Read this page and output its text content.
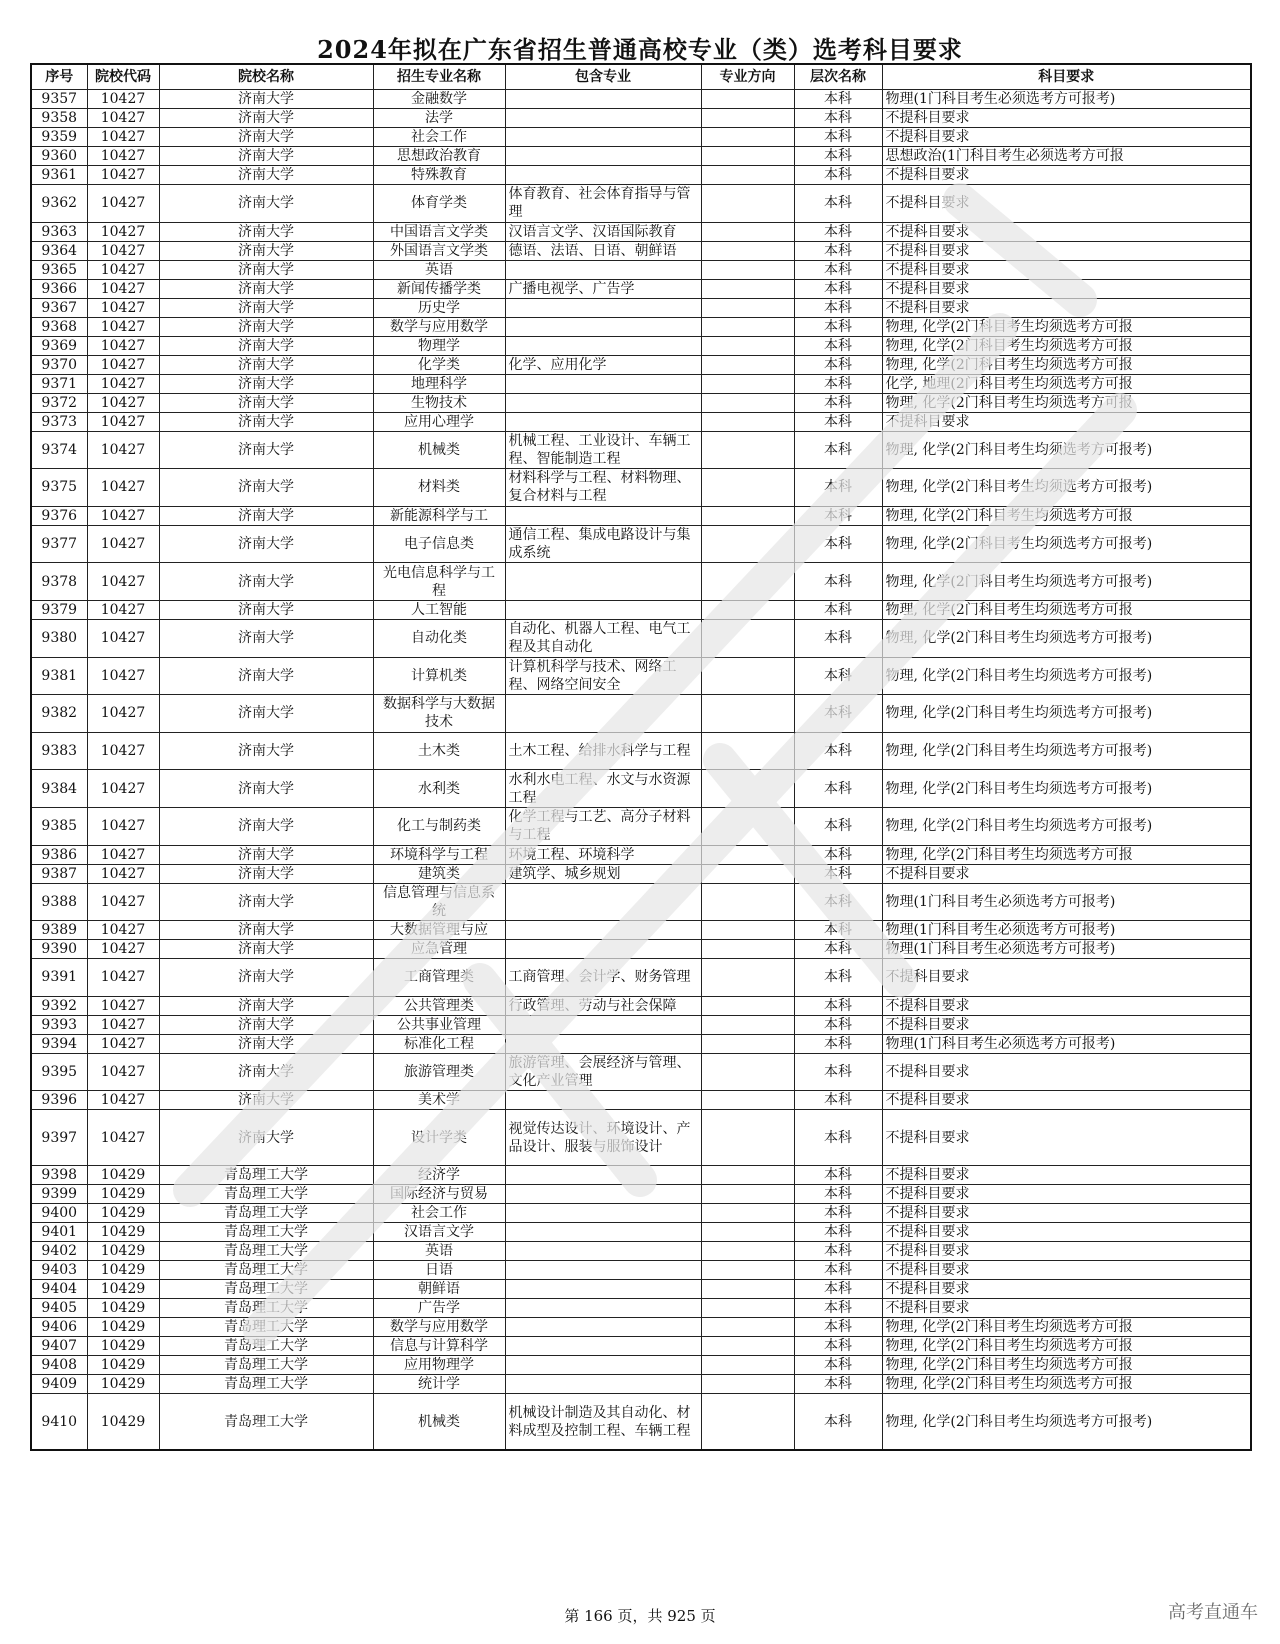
2024年拟在广东省招生普通高校专业（类）选考科目要求
序号	院校代码	院校名称	招生专业名称	包含专业	专业方向	层次名称	科目要求
9357	10427	济南大学	金融数学			本科	物理(1门科目考生必须选考方可报考)
9358	10427	济南大学	法学			本科	不提科目要求
9359	10427	济南大学	社会工作			本科	不提科目要求
9360	10427	济南大学	思想政治教育			本科	思想政治(1门科目考生必须选考方可报
9361	10427	济南大学	特殊教育			本科	不提科目要求
9362	10427	济南大学	体育学类	体育教育、社会体育指导与管理		本科	不提科目要求
9363	10427	济南大学	中国语言文学类	汉语言文学、汉语国际教育		本科	不提科目要求
9364	10427	济南大学	外国语言文学类	德语、法语、日语、朝鲜语		本科	不提科目要求
9365	10427	济南大学	英语			本科	不提科目要求
9366	10427	济南大学	新闻传播学类	广播电视学、广告学		本科	不提科目要求
9367	10427	济南大学	历史学			本科	不提科目要求
9368	10427	济南大学	数学与应用数学			本科	物理, 化学(2门科目考生均须选考方可报
9369	10427	济南大学	物理学			本科	物理, 化学(2门科目考生均须选考方可报
9370	10427	济南大学	化学类	化学、应用化学		本科	物理, 化学(2门科目考生均须选考方可报
9371	10427	济南大学	地理科学			本科	化学, 地理(2门科目考生均须选考方可报
9372	10427	济南大学	生物技术			本科	物理, 化学(2门科目考生均须选考方可报
9373	10427	济南大学	应用心理学			本科	不提科目要求
9374	10427	济南大学	机械类	机械工程、工业设计、车辆工程、智能制造工程		本科	物理, 化学(2门科目考生均须选考方可报考)
9375	10427	济南大学	材料类	材料科学与工程、材料物理、复合材料与工程		本科	物理, 化学(2门科目考生均须选考方可报考)
9376	10427	济南大学	新能源科学与工			本科	物理, 化学(2门科目考生均须选考方可报
9377	10427	济南大学	电子信息类	通信工程、集成电路设计与集成系统		本科	物理, 化学(2门科目考生均须选考方可报考)
9378	10427	济南大学	光电信息科学与工程			本科	物理, 化学(2门科目考生均须选考方可报考)
9379	10427	济南大学	人工智能			本科	物理, 化学(2门科目考生均须选考方可报
9380	10427	济南大学	自动化类	自动化、机器人工程、电气工程及其自动化		本科	物理, 化学(2门科目考生均须选考方可报考)
9381	10427	济南大学	计算机类	计算机科学与技术、网络工程、网络空间安全		本科	物理, 化学(2门科目考生均须选考方可报考)
9382	10427	济南大学	数据科学与大数据技术			本科	物理, 化学(2门科目考生均须选考方可报考)
9383	10427	济南大学	土木类	土木工程、给排水科学与工程		本科	物理, 化学(2门科目考生均须选考方可报考)
9384	10427	济南大学	水利类	水利水电工程、水文与水资源工程		本科	物理, 化学(2门科目考生均须选考方可报考)
9385	10427	济南大学	化工与制药类	化学工程与工艺、高分子材料与工程		本科	物理, 化学(2门科目考生均须选考方可报考)
9386	10427	济南大学	环境科学与工程	环境工程、环境科学		本科	物理, 化学(2门科目考生均须选考方可报
9387	10427	济南大学	建筑类	建筑学、城乡规划		本科	不提科目要求
9388	10427	济南大学	信息管理与信息系统			本科	物理(1门科目考生必须选考方可报考)
9389	10427	济南大学	大数据管理与应			本科	物理(1门科目考生必须选考方可报考)
9390	10427	济南大学	应急管理			本科	物理(1门科目考生必须选考方可报考)
9391	10427	济南大学	工商管理类	工商管理、会计学、财务管理		本科	不提科目要求
9392	10427	济南大学	公共管理类	行政管理、劳动与社会保障		本科	不提科目要求
9393	10427	济南大学	公共事业管理			本科	不提科目要求
9394	10427	济南大学	标准化工程			本科	物理(1门科目考生必须选考方可报考)
9395	10427	济南大学	旅游管理类	旅游管理、会展经济与管理、文化产业管理		本科	不提科目要求
9396	10427	济南大学	美术学			本科	不提科目要求
9397	10427	济南大学	设计学类	视觉传达设计、环境设计、产品设计、服装与服饰设计		本科	不提科目要求
9398	10429	青岛理工大学	经济学			本科	不提科目要求
9399	10429	青岛理工大学	国际经济与贸易			本科	不提科目要求
9400	10429	青岛理工大学	社会工作			本科	不提科目要求
9401	10429	青岛理工大学	汉语言文学			本科	不提科目要求
9402	10429	青岛理工大学	英语			本科	不提科目要求
9403	10429	青岛理工大学	日语			本科	不提科目要求
9404	10429	青岛理工大学	朝鲜语			本科	不提科目要求
9405	10429	青岛理工大学	广告学			本科	不提科目要求
9406	10429	青岛理工大学	数学与应用数学			本科	物理, 化学(2门科目考生均须选考方可报
9407	10429	青岛理工大学	信息与计算科学			本科	物理, 化学(2门科目考生均须选考方可报
9408	10429	青岛理工大学	应用物理学			本科	物理, 化学(2门科目考生均须选考方可报
9409	10429	青岛理工大学	统计学			本科	物理, 化学(2门科目考生均须选考方可报
9410	10429	青岛理工大学	机械类	机械设计制造及其自动化、材料成型及控制工程、车辆工程		本科	物理, 化学(2门科目考生均须选考方可报考)
第 166 页，共 925 页	高考直通车
